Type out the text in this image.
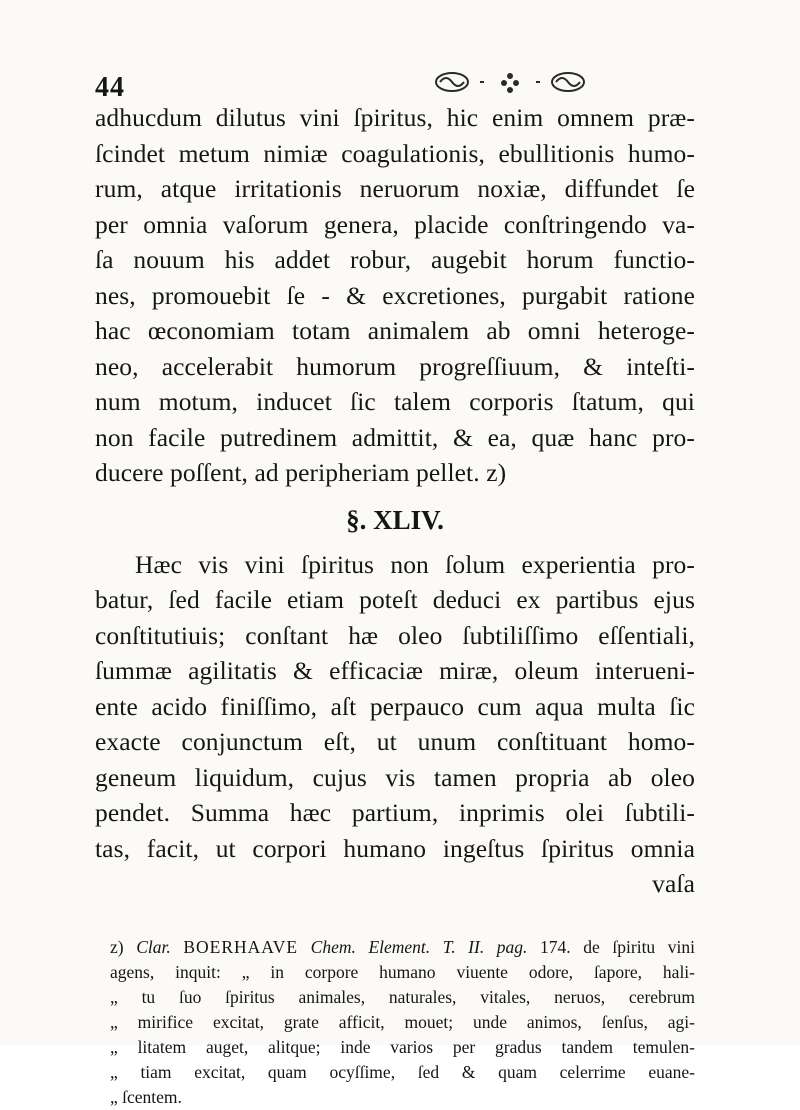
44
adhucdum dilutus vini ſpiritus, hic enim omnem præ-
ſcindet metum nimiæ coagulationis, ebullitionis humo-
rum, atque irritationis neruorum noxiæ, diffundet ſe
per omnia vaſorum genera, placide conſtringendo va-
ſa nouum his addet robur, augebit horum functio-
nes, promouebit ſe - & excretiones, purgabit ratione
hac œconomiam totam animalem ab omni heteroge-
neo, accelerabit humorum progreſſiuum, & inteſti-
num motum, inducet ſic talem corporis ſtatum, qui
non facile putredinem admittit, & ea, quæ hanc pro-
ducere poſſent, ad peripheriam pellet. z)
§. XLIV.
Hæc vis vini ſpiritus non ſolum experientia pro-
batur, ſed facile etiam poteſt deduci ex partibus ejus
conſtitutiuis; conſtant hæ oleo ſubtiliſſimo eſſentiali,
ſummæ agilitatis & efficaciæ miræ, oleum interueni-
ente acido finiſſimo, aſt perpauco cum aqua multa ſic
exacte conjunctum eſt, ut unum conſtituant homo-
geneum liquidum, cujus vis tamen propria ab oleo
pendet. Summa hæc partium, inprimis olei ſubtili-
tas, facit, ut corpori humano ingeſtus ſpiritus omnia
vaſa
z) Clar. BOERHAAVE Chem. Element. T. II. pag. 174. de ſpiritu vini
agens, inquit: „ in corpore humano viuente odore, ſapore, hali-
„ tu ſuo ſpiritus animales, naturales, vitales, neruos, cerebrum
„ mirifice excitat, grate afficit, mouet; unde animos, ſenſus, agi-
„ litatem auget, alitque; inde varios per gradus tandem temulen-
„ tiam excitat, quam ocyſſime, ſed & quam celerrime euane-
„ ſcentem.
